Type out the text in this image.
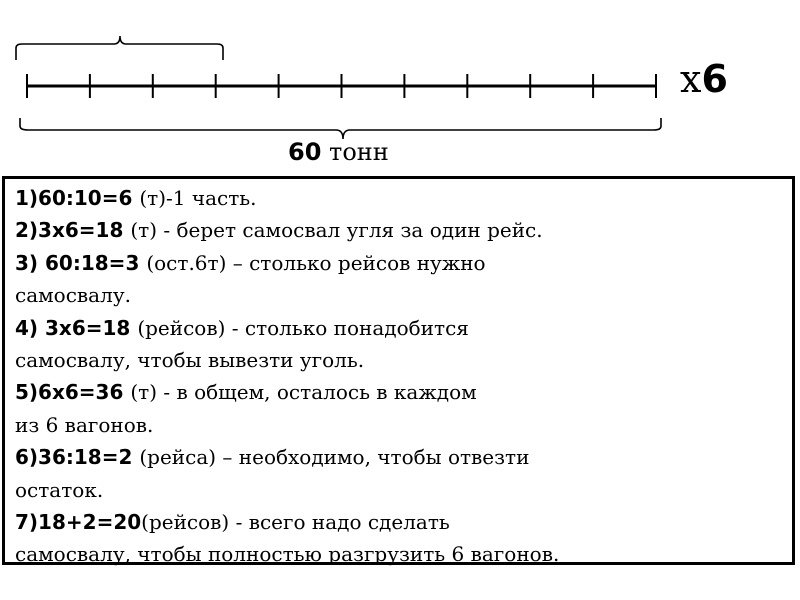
х6
60 тонн
1)60:10=6 (т)-1 часть.
2)3х6=18 (т) - берет самосвал угля за один рейс.
3) 60:18=3 (ост.6т) – столько рейсов нужно
самосвалу.
4) 3х6=18 (рейсов) - столько понадобится
самосвалу, чтобы вывезти уголь.
5)6х6=36 (т) - в общем, осталось в каждом
из 6 вагонов.
6)36:18=2 (рейса) – необходимо, чтобы отвезти
остаток.
7)18+2=20(рейсов) - всего надо сделать
самосвалу, чтобы полностью разгрузить 6 вагонов.
